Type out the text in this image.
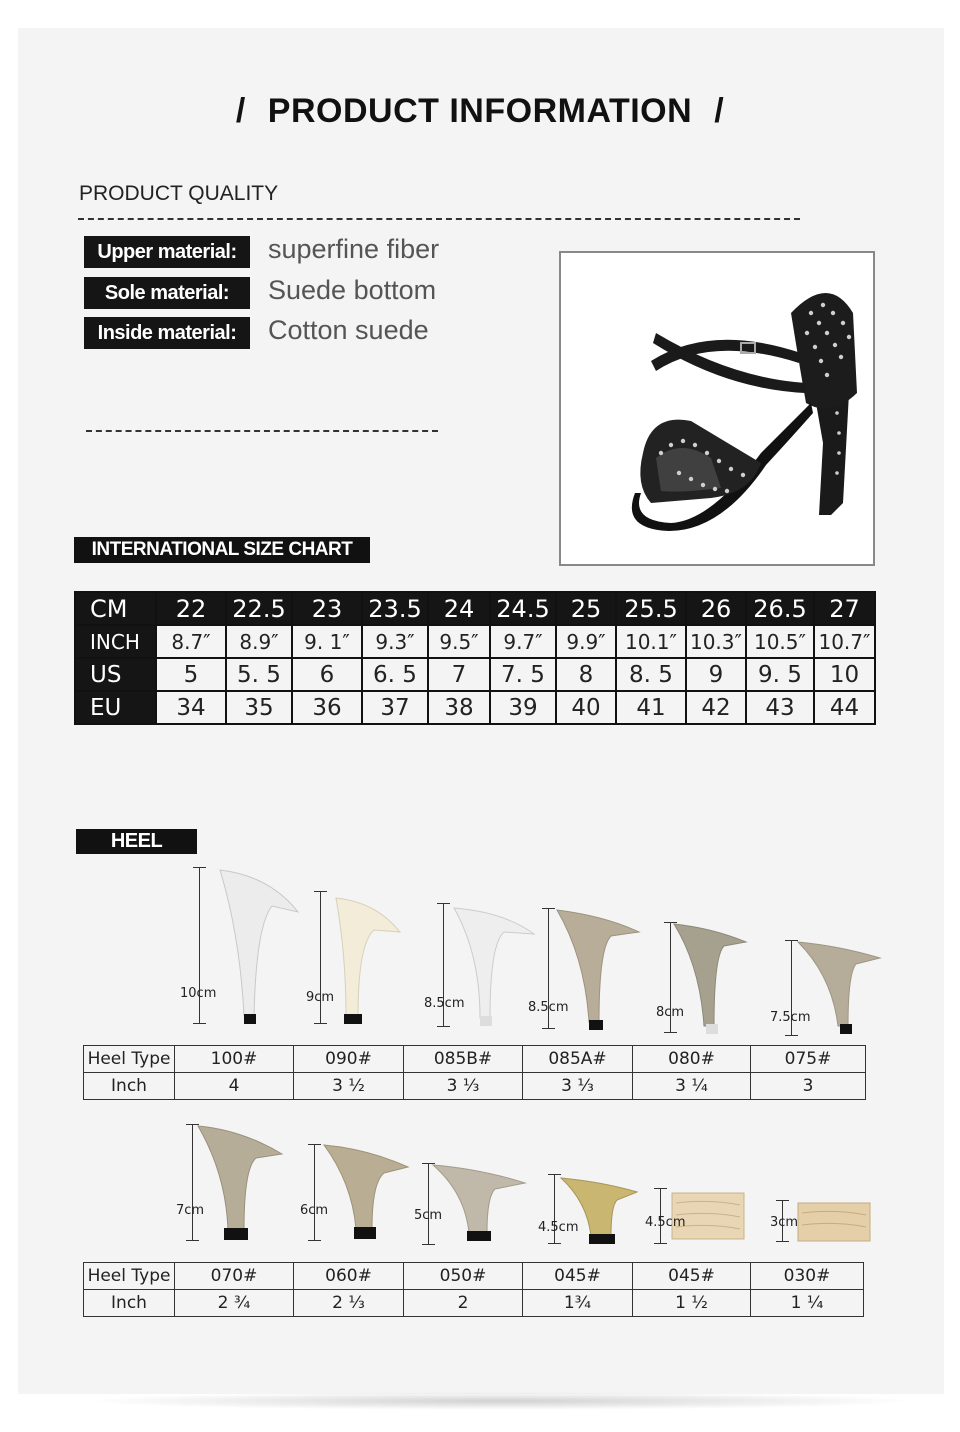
/ PRODUCT INFORMATION /
PRODUCT QUALITY
Upper material:	superfine fiber
Sole material:	Suede bottom
Inside material:	Cotton suede
INTERNATIONAL SIZE CHART
CM	22	22.5	23	23.5	24	24.5	25	25.5	26	26.5	27
INCH	8.7″	8.9″	9. 1″	9.3″	9.5″	9.7″	9.9″	10.1″	10.3″	10.5″	10.7″
US	5	5. 5	6	6. 5	7	7. 5	8	8. 5	9	9. 5	10
EU	34	35	36	37	38	39	40	41	42	43	44
HEEL
10cm	9cm	8.5cm	8.5cm	8cm	7.5cm
Heel Type	100#	090#	085B#	085A#	080#	075#
Inch	4	3 ½	3 ⅓	3 ⅓	3 ¼	3
7cm	6cm	5cm
4.5cm	4.5cm	3cm
Heel Type	070#	060#	050#	045#	045#	030#
Inch	2 ¾	2 ⅓	2	1¾	1 ½	1 ¼
